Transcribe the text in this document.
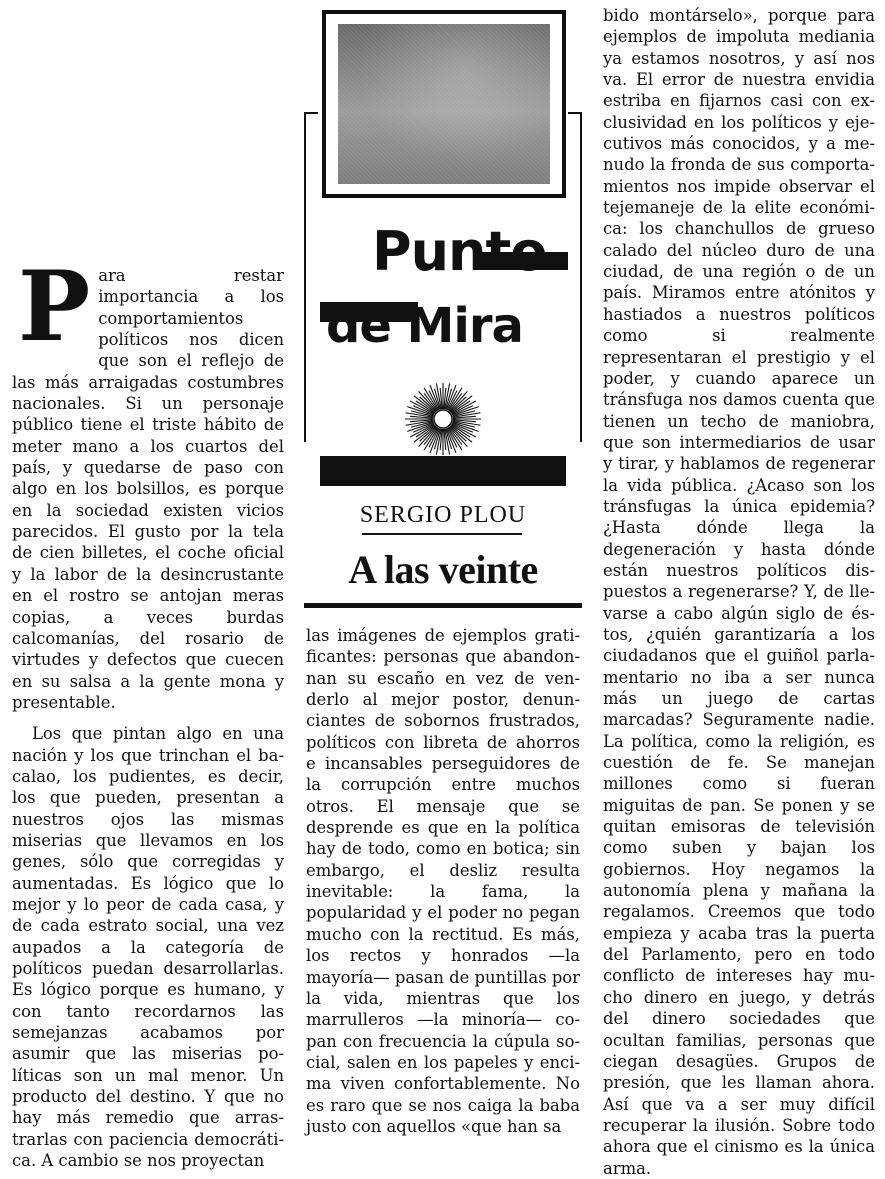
Punto
de Mira
SERGIO PLOU
A las veinte

Para restar importancia a los comportamientos políticos nos dicen que son el reflejo de las más arraigadas costumbres nacionales. Si un personaje público tiene el triste hábito de meter mano a los cuartos del país, y quedarse de paso con algo en los bolsillos, es porque en la sociedad existen vicios parecidos. El gusto por la tela de cien billetes, el coche oficial y la labor de la desincrustante en el rostro se antojan meras copias, a veces burdas calcomanías, del rosario de virtudes y defectos que cuecen en su salsa a la gente mona y presentable.

Los que pintan algo en una nación y los que trinchan el bacalao, los pudientes, es decir, los que pueden, presentan a nuestros ojos las mismas miserias que llevamos en los genes, sólo que corregidas y aumentadas. Es lógico que lo mejor y lo peor de cada casa, y de cada estrato social, una vez aupados a la categoría de políticos puedan desarrollarlas. Es lógico porque es humano, y con tanto recordarnos las semejanzas acabamos por asumir que las miserias políticas son un mal menor. Un producto del destino. Y que no hay más remedio que arrastrarlas con paciencia democrática. A cambio se nos proyectan

las imágenes de ejemplos gratificantes: personas que abandonnan su escaño en vez de venderlo al mejor postor, denunciantes de sobornos frustrados, políticos con libreta de ahorros e incansables perseguidores de la corrupción entre muchos otros. El mensaje que se desprende es que en la política hay de todo, como en botica; sin embargo, el desliz resulta inevitable: la fama, la popularidad y el poder no pegan mucho con la rectitud. Es más, los rectos y honrados —la mayoría— pasan de puntillas por la vida, mientras que los marrulleros —la minoría— copan con frecuencia la cúpula social, salen en los papeles y encima viven confortablemente. No es raro que se nos caiga la baba justo con aquellos «que han sa

bido montárselo», porque para ejemplos de impoluta mediania ya estamos nosotros, y así nos va. El error de nuestra envidia estriba en fijarnos casi con exclusividad en los políticos y ejecutivos más conocidos, y a menudo la fronda de sus comportamientos nos impide observar el tejemaneje de la elite económica: los chanchullos de grueso calado del núcleo duro de una ciudad, de una región o de un país. Miramos entre atónitos y hastiados a nuestros políticos como si realmente representaran el prestigio y el poder, y cuando aparece un tránsfuga nos damos cuenta que tienen un techo de maniobra, que son intermediarios de usar y tirar, y hablamos de regenerar la vida pública. ¿Acaso son los tránsfugas la única epidemia? ¿Hasta dónde llega la degeneración y hasta dónde están nuestros políticos dispuestos a regenerarse? Y, de llevarse a cabo algún siglo de éstos, ¿quién garantizaría a los ciudadanos que el guiñol parlamentario no iba a ser nunca más un juego de cartas marcadas? Seguramente nadie. La política, como la religión, es cuestión de fe. Se manejan millones como si fueran miguitas de pan. Se ponen y se quitan emisoras de televisión como suben y bajan los gobiernos. Hoy negamos la autonomía plena y mañana la regalamos. Creemos que todo empieza y acaba tras la puerta del Parlamento, pero en todo conflicto de intereses hay mucho dinero en juego, y detrás del dinero sociedades que ocultan familias, personas que ciegan desagües. Grupos de presión, que les llaman ahora. Así que va a ser muy difícil recuperar la ilusión. Sobre todo ahora que el cinismo es la única arma.
